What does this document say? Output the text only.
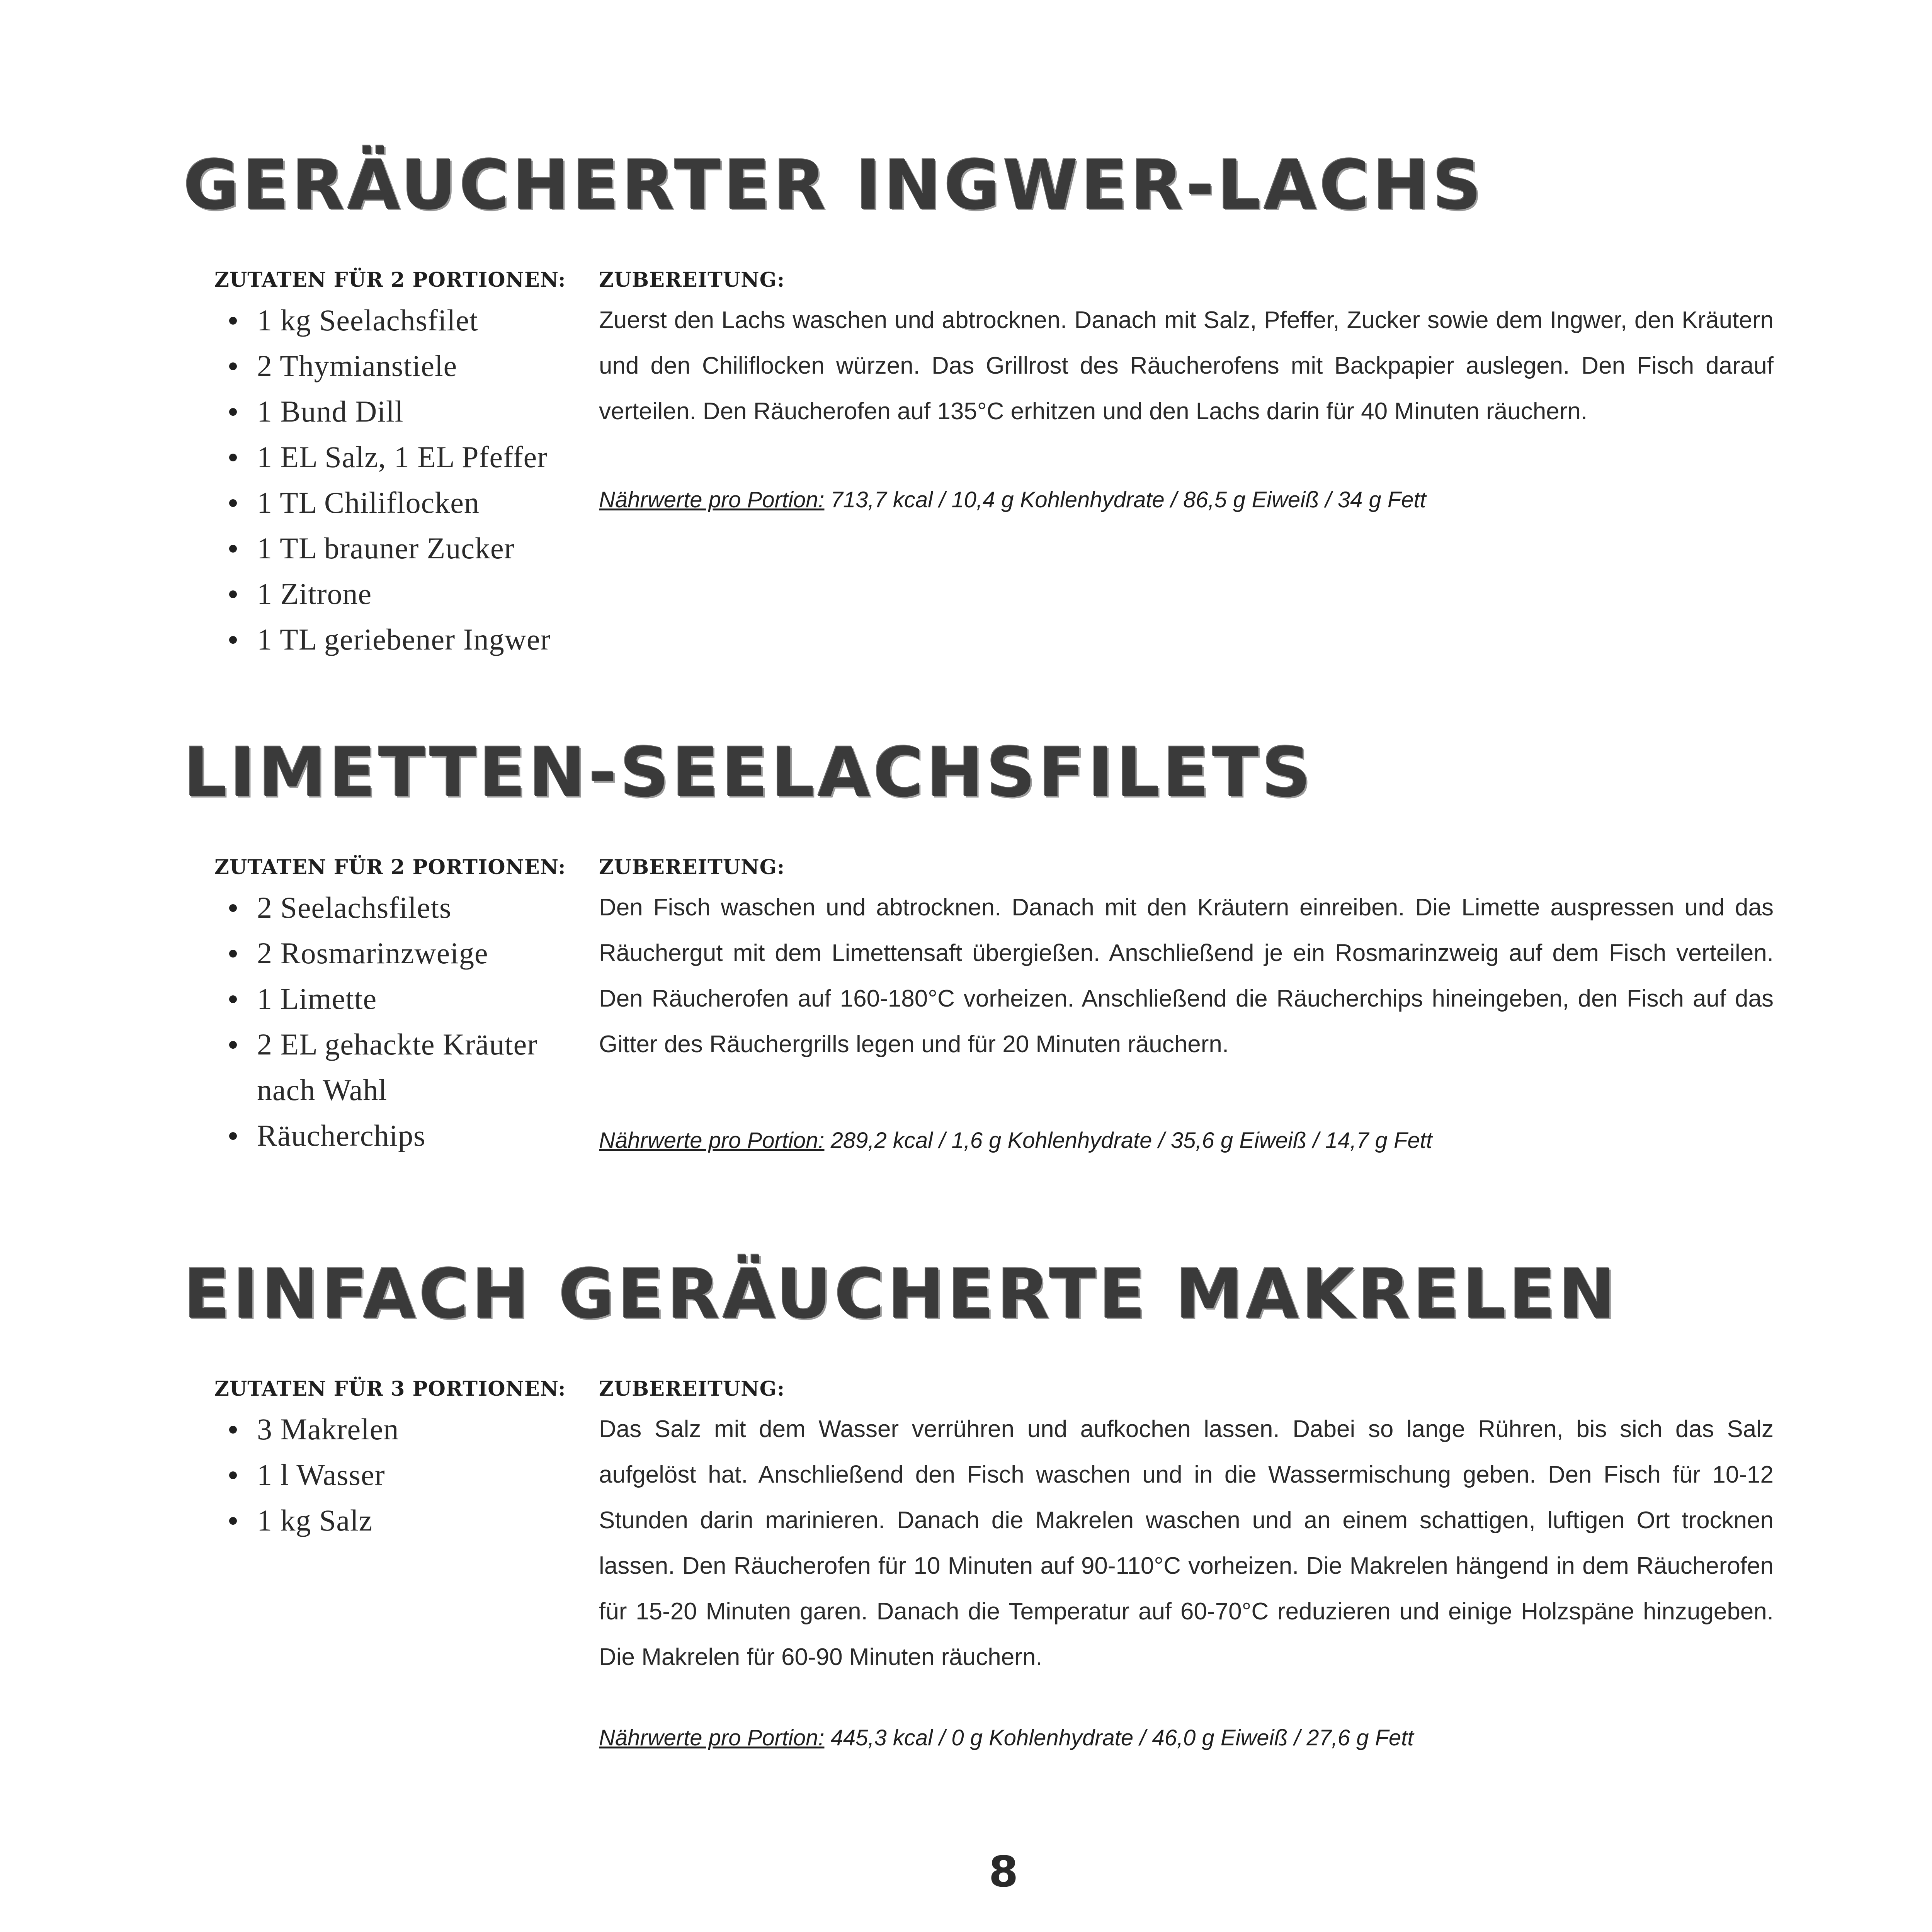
GERÄUCHERTER INGWER-LACHS
ZUTATEN FÜR 2 PORTIONEN:
1 kg Seelachsfilet
2 Thymianstiele
1 Bund Dill
1 EL Salz, 1 EL Pfeffer
1 TL Chiliflocken
1 TL brauner Zucker
1 Zitrone
1 TL geriebener Ingwer
ZUBEREITUNG:

Zuerst den Lachs waschen und abtrocknen. Danach mit Salz, Pfeffer, Zucker sowie dem Ingwer, den Kräutern und den Chiliflocken würzen. Das Grillrost des Räucherofens mit Backpapier auslegen. Den Fisch darauf verteilen. Den Räucherofen auf 135°C erhitzen und den Lachs darin für 40 Minuten räuchern.

Nährwerte pro Portion: 713,7 kcal / 10,4 g Kohlenhydrate / 86,5 g Eiweiß / 34 g Fett

LIMETTEN-SEELACHSFILETS
ZUTATEN FÜR 2 PORTIONEN:
2 Seelachsfilets
2 Rosmarinzweige
1 Limette
2 EL gehackte Kräuter nach Wahl
Räucherchips
ZUBEREITUNG:

Den Fisch waschen und abtrocknen. Danach mit den Kräutern einreiben. Die Limette auspressen und das Räuchergut mit dem Limettensaft übergießen. Anschließend je ein Rosmarinzweig auf dem Fisch verteilen. Den Räucherofen auf 160-180°C vorheizen. Anschließend die Räucherchips hineingeben, den Fisch auf das Gitter des Räuchergrills legen und für 20 Minuten räuchern.

Nährwerte pro Portion: 289,2 kcal / 1,6 g Kohlenhydrate / 35,6 g Eiweiß / 14,7 g Fett

EINFACH GERÄUCHERTE MAKRELEN
ZUTATEN FÜR 3 PORTIONEN:
3 Makrelen
1 l Wasser
1 kg Salz
ZUBEREITUNG:

Das Salz mit dem Wasser verrühren und aufkochen lassen. Dabei so lange Rühren, bis sich das Salz aufgelöst hat. Anschließend den Fisch waschen und in die Wassermischung geben. Den Fisch für 10-12 Stunden darin marinieren. Danach die Makrelen waschen und an einem schattigen, luftigen Ort trocknen lassen. Den Räucherofen für 10 Minuten auf 90-110°C vorheizen. Die Makrelen hängend in dem Räucherofen für 15-20 Minuten garen. Danach die Temperatur auf 60-70°C reduzieren und einige Holzspäne hinzugeben. Die Makrelen für 60-90 Minuten räuchern.

Nährwerte pro Portion: 445,3 kcal / 0 g Kohlenhydrate / 46,0 g Eiweiß / 27,6 g Fett

8
